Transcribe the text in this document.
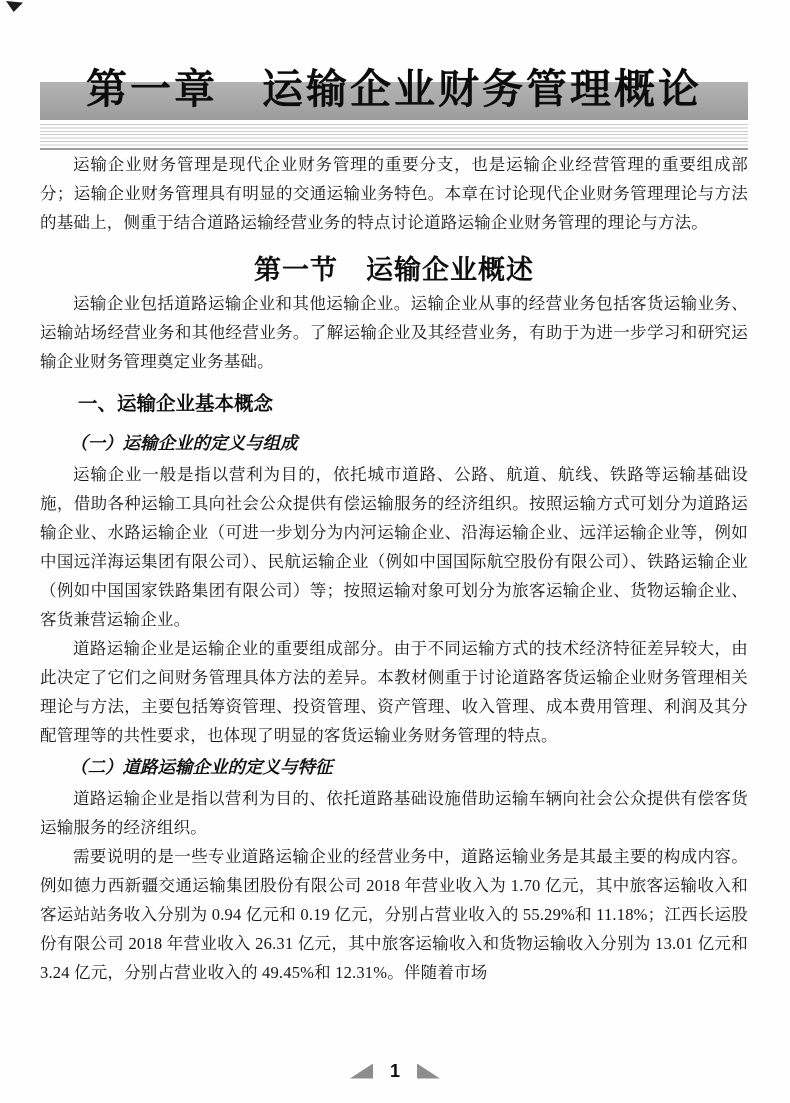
第一章　运输企业财务管理概论

运输企业财务管理是现代企业财务管理的重要分支，也是运输企业经营管理的重要组成部分；运输企业财务管理具有明显的交通运输业务特色。本章在讨论现代企业财务管理理论与方法的基础上，侧重于结合道路运输经营业务的特点讨论道路运输企业财务管理的理论与方法。

第一节　运输企业概述

运输企业包括道路运输企业和其他运输企业。运输企业从事的经营业务包括客货运输业务、运输站场经营业务和其他经营业务。了解运输企业及其经营业务，有助于为进一步学习和研究运输企业财务管理奠定业务基础。

一、运输企业基本概念
（一）运输企业的定义与组成

运输企业一般是指以营利为目的，依托城市道路、公路、航道、航线、铁路等运输基础设施，借助各种运输工具向社会公众提供有偿运输服务的经济组织。按照运输方式可划分为道路运输企业、水路运输企业（可进一步划分为内河运输企业、沿海运输企业、远洋运输企业等，例如中国远洋海运集团有限公司）、民航运输企业（例如中国国际航空股份有限公司）、铁路运输企业（例如中国国家铁路集团有限公司）等；按照运输对象可划分为旅客运输企业、货物运输企业、客货兼营运输企业。

道路运输企业是运输企业的重要组成部分。由于不同运输方式的技术经济特征差异较大，由此决定了它们之间财务管理具体方法的差异。本教材侧重于讨论道路客货运输企业财务管理相关理论与方法，主要包括筹资管理、投资管理、资产管理、收入管理、成本费用管理、利润及其分配管理等的共性要求，也体现了明显的客货运输业务财务管理的特点。

（二）道路运输企业的定义与特征

道路运输企业是指以营利为目的、依托道路基础设施借助运输车辆向社会公众提供有偿客货运输服务的经济组织。

需要说明的是一些专业道路运输企业的经营业务中，道路运输业务是其最主要的构成内容。例如德力西新疆交通运输集团股份有限公司 2018 年营业收入为 1.70 亿元，其中旅客运输收入和客运站站务收入分别为 0.94 亿元和 0.19 亿元，分别占营业收入的 55.29%和 11.18%；江西长运股份有限公司 2018 年营业收入 26.31 亿元，其中旅客运输收入和货物运输收入分别为 13.01 亿元和 3.24 亿元，分别占营业收入的 49.45%和 12.31%。伴随着市场

1
